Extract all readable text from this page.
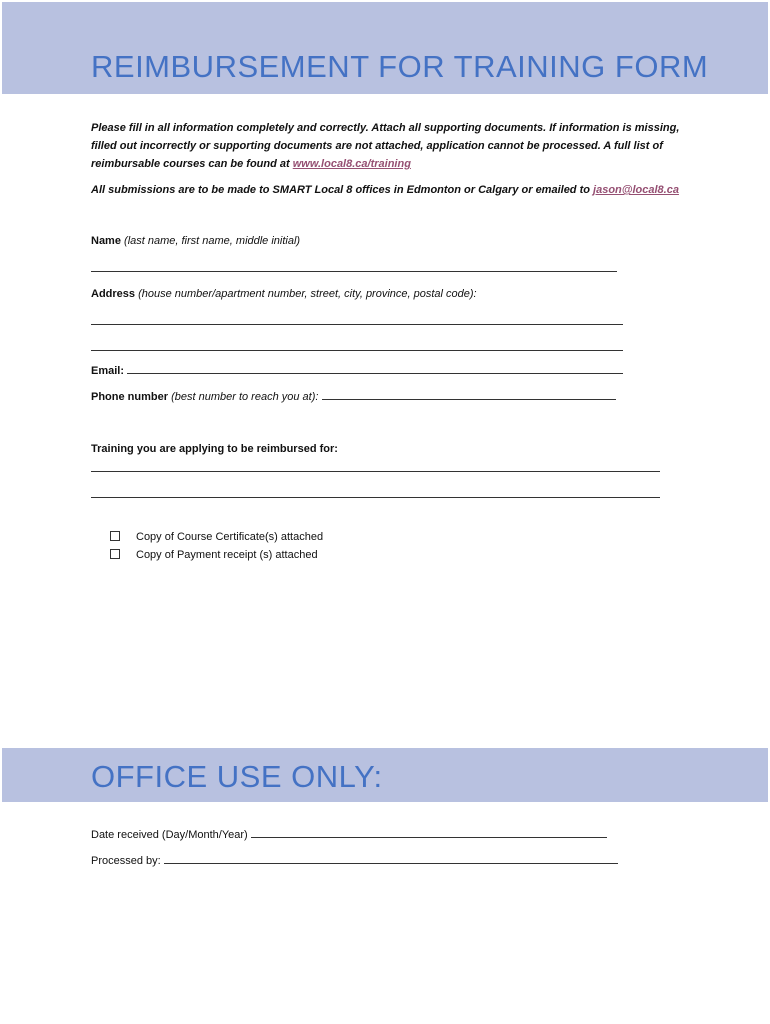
REIMBURSEMENT FOR TRAINING FORM

Please fill in all information completely and correctly. Attach all supporting documents. If information is missing, filled out incorrectly or supporting documents are not attached, application cannot be processed. A full list of reimbursable courses can be found at www.local8.ca/training

All submissions are to be made to SMART Local 8 offices in Edmonton or Calgary or emailed to jason@local8.ca

Name (last name, first name, middle initial)
Address (house number/apartment number, street, city, province, postal code):
Email:
Phone number (best number to reach you at):
Training you are applying to be reimbursed for:
Copy of Course Certificate(s) attached
Copy of Payment receipt (s) attached
OFFICE USE ONLY:
Date received (Day/Month/Year)
Processed by:
